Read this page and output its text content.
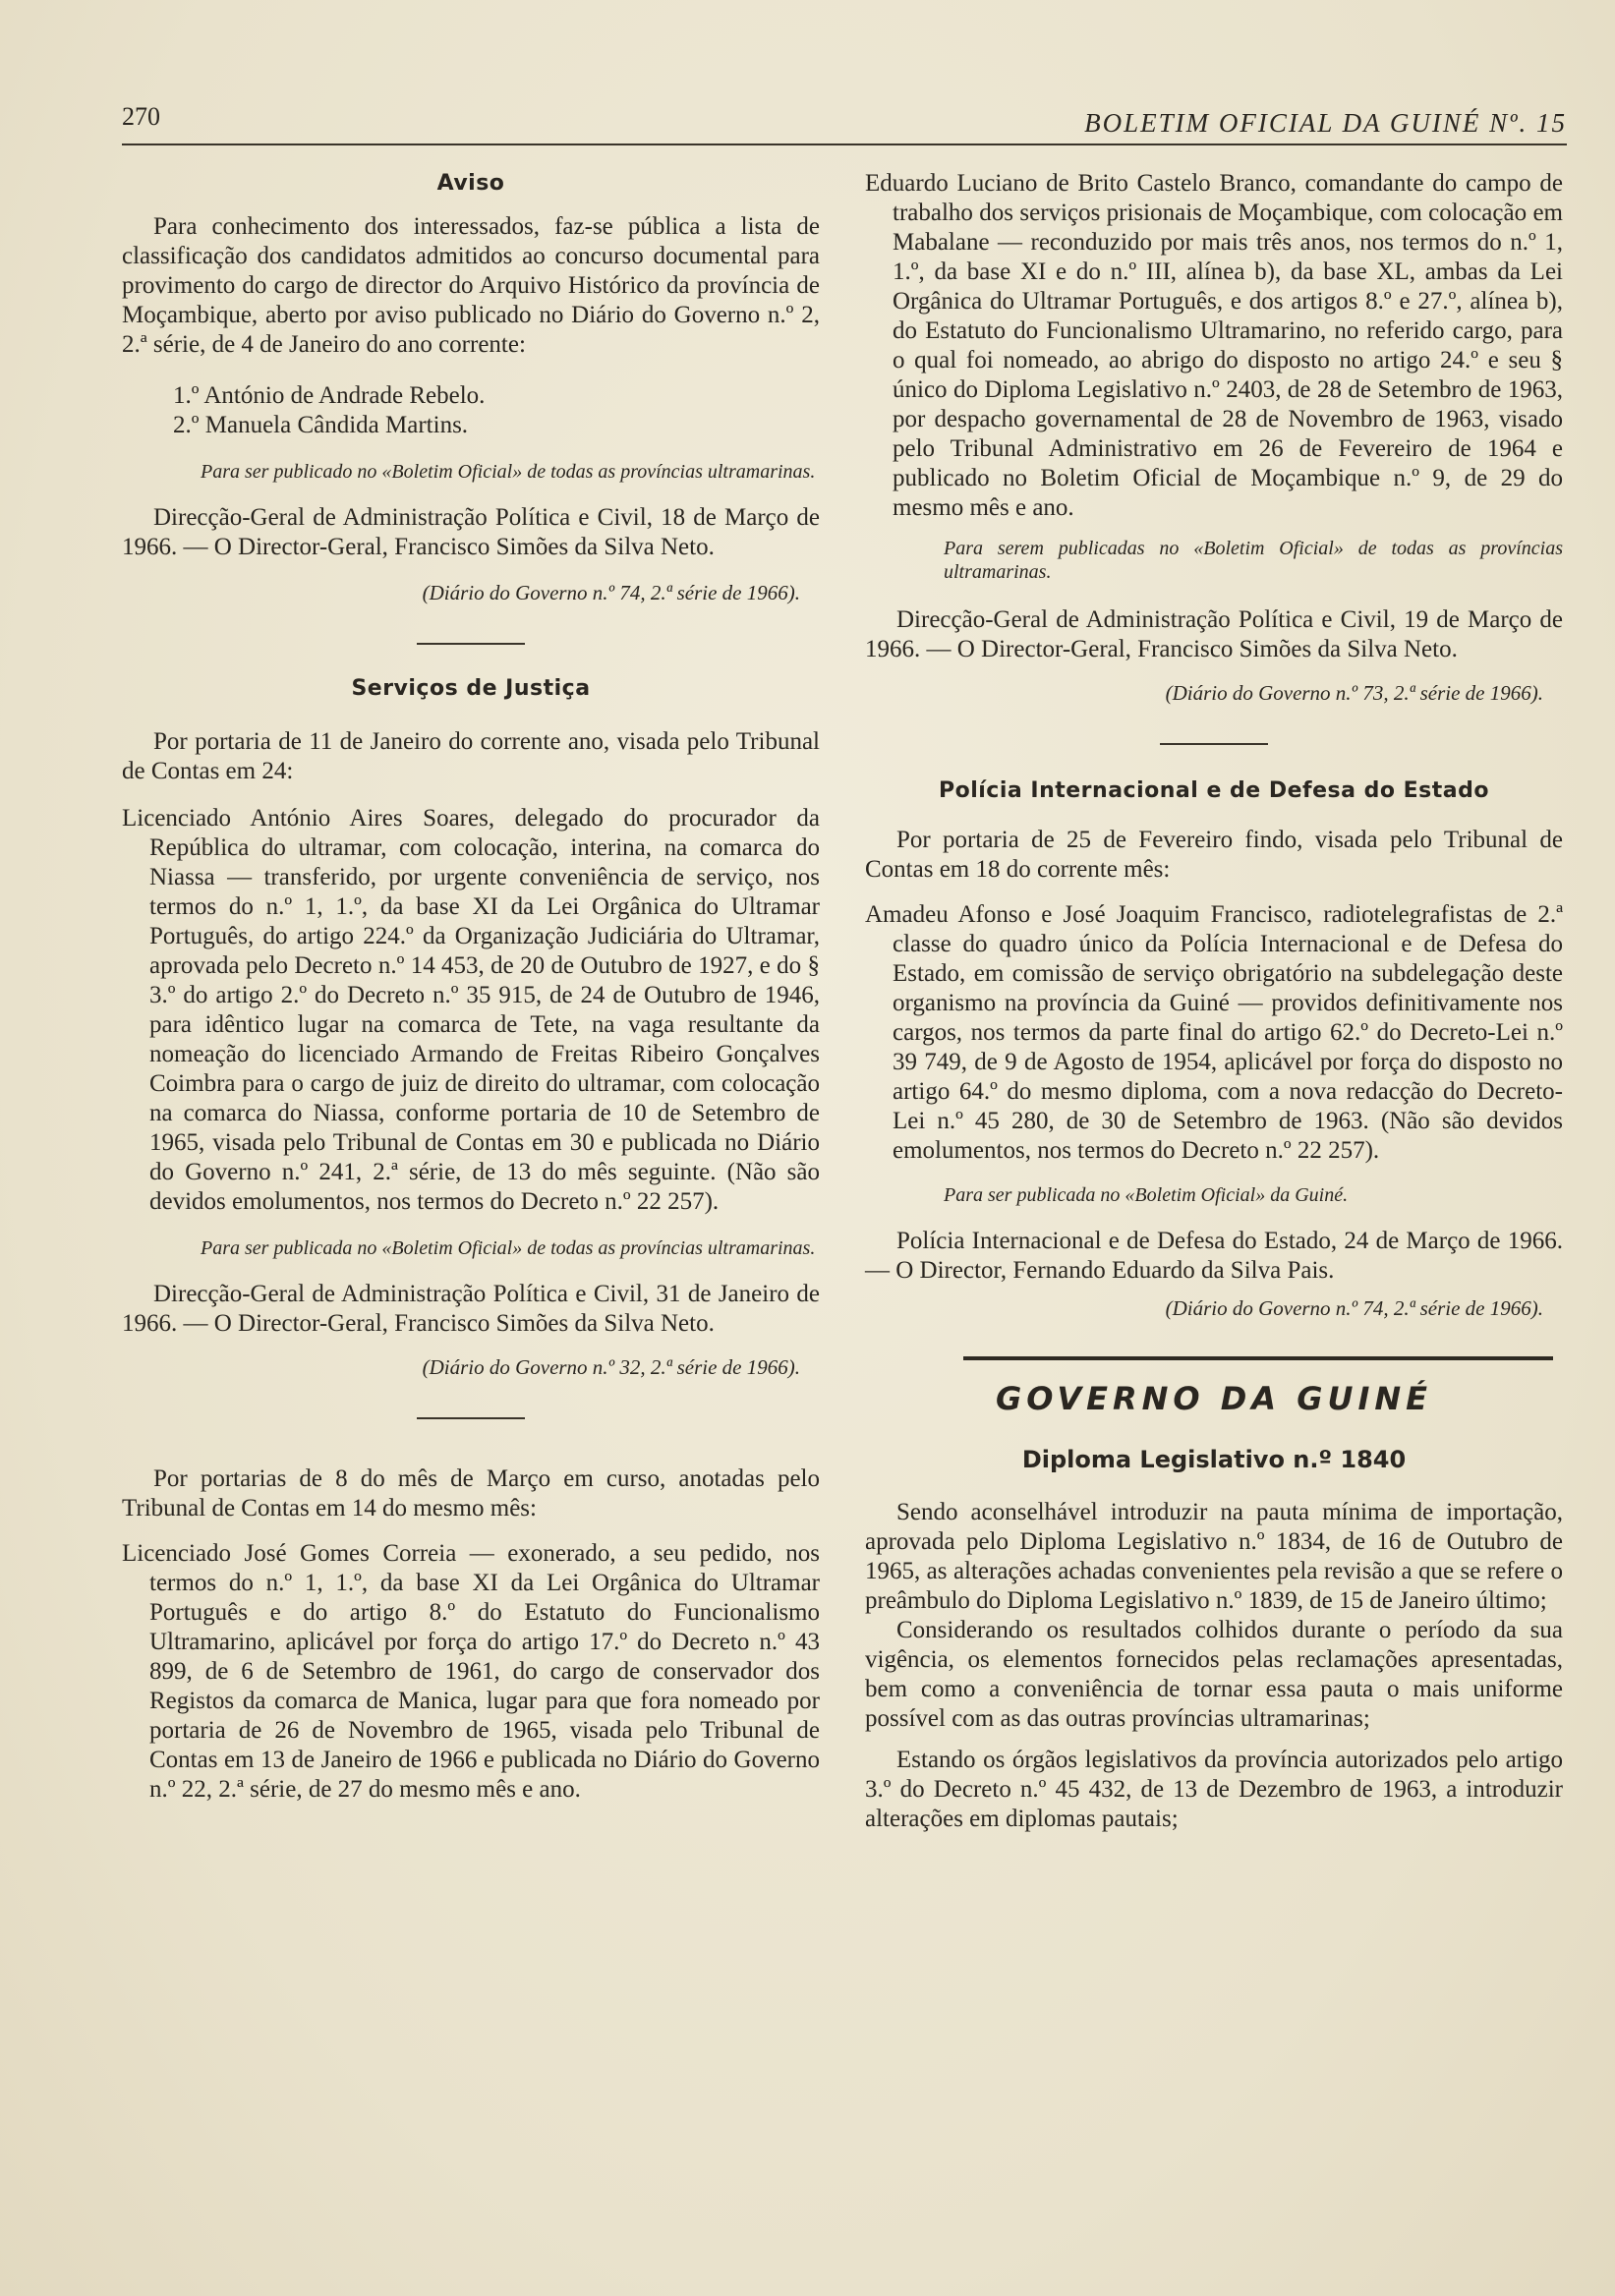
270	BOLETIM OFICIAL DA GUINÉ Nº. 15
Aviso

Para conhecimento dos interessados, faz-se pública a lista de classificação dos candidatos admitidos ao concurso documental para provimento do cargo de director do Arquivo Histórico da província de Moçambique, aberto por aviso publicado no Diário do Governo n.º 2, 2.ª série, de 4 de Janeiro do ano corrente:

1.º António de Andrade Rebelo.

2.º Manuela Cândida Martins.

Para ser publicado no «Boletim Oficial» de todas as províncias ultramarinas.

Direcção-Geral de Administração Política e Civil, 18 de Março de 1966. — O Director-Geral, Francisco Simões da Silva Neto.

(Diário do Governo n.º 74, 2.ª série de 1966).

Serviços de Justiça

Por portaria de 11 de Janeiro do corrente ano, visada pelo Tribunal de Contas em 24:

Licenciado António Aires Soares, delegado do procurador da República do ultramar, com colocação, interina, na comarca do Niassa — transferido, por urgente conveniência de serviço, nos termos do n.º 1, 1.º, da base XI da Lei Orgânica do Ultramar Português, do artigo 224.º da Organização Judiciária do Ultramar, aprovada pelo Decreto n.º 14 453, de 20 de Outubro de 1927, e do § 3.º do artigo 2.º do Decreto n.º 35 915, de 24 de Outubro de 1946, para idêntico lugar na comarca de Tete, na vaga resultante da nomeação do licenciado Armando de Freitas Ribeiro Gonçalves Coimbra para o cargo de juiz de direito do ultramar, com colocação na comarca do Niassa, conforme portaria de 10 de Setembro de 1965, visada pelo Tribunal de Contas em 30 e publicada no Diário do Governo n.º 241, 2.ª série, de 13 do mês seguinte. (Não são devidos emolumentos, nos termos do Decreto n.º 22 257).

Para ser publicada no «Boletim Oficial» de todas as províncias ultramarinas.

Direcção-Geral de Administração Política e Civil, 31 de Janeiro de 1966. — O Director-Geral, Francisco Simões da Silva Neto.

(Diário do Governo n.º 32, 2.ª série de 1966).

Por portarias de 8 do mês de Março em curso, anotadas pelo Tribunal de Contas em 14 do mesmo mês:

Licenciado José Gomes Correia — exonerado, a seu pedido, nos termos do n.º 1, 1.º, da base XI da Lei Orgânica do Ultramar Português e do artigo 8.º do Estatuto do Funcionalismo Ultramarino, aplicável por força do artigo 17.º do Decreto n.º 43 899, de 6 de Setembro de 1961, do cargo de conservador dos Registos da comarca de Manica, lugar para que fora nomeado por portaria de 26 de Novembro de 1965, visada pelo Tribunal de Contas em 13 de Janeiro de 1966 e publicada no Diário do Governo n.º 22, 2.ª série, de 27 do mesmo mês e ano.

Eduardo Luciano de Brito Castelo Branco, comandante do campo de trabalho dos serviços prisionais de Moçambique, com colocação em Mabalane — reconduzido por mais três anos, nos termos do n.º 1, 1.º, da base XI e do n.º III, alínea b), da base XL, ambas da Lei Orgânica do Ultramar Português, e dos artigos 8.º e 27.º, alínea b), do Estatuto do Funcionalismo Ultramarino, no referido cargo, para o qual foi nomeado, ao abrigo do disposto no artigo 24.º e seu § único do Diploma Legislativo n.º 2403, de 28 de Setembro de 1963, por despacho governamental de 28 de Novembro de 1963, visado pelo Tribunal Administrativo em 26 de Fevereiro de 1964 e publicado no Boletim Oficial de Moçambique n.º 9, de 29 do mesmo mês e ano.

Para serem publicadas no «Boletim Oficial» de todas as províncias ultramarinas.

Direcção-Geral de Administração Política e Civil, 19 de Março de 1966. — O Director-Geral, Francisco Simões da Silva Neto.

(Diário do Governo n.º 73, 2.ª série de 1966).

Polícia Internacional e de Defesa do Estado

Por portaria de 25 de Fevereiro findo, visada pelo Tribunal de Contas em 18 do corrente mês:

Amadeu Afonso e José Joaquim Francisco, radiotelegrafistas de 2.ª classe do quadro único da Polícia Internacional e de Defesa do Estado, em comissão de serviço obrigatório na subdelegação deste organismo na província da Guiné — providos definitivamente nos cargos, nos termos da parte final do artigo 62.º do Decreto-Lei n.º 39 749, de 9 de Agosto de 1954, aplicável por força do disposto no artigo 64.º do mesmo diploma, com a nova redacção do Decreto-Lei n.º 45 280, de 30 de Setembro de 1963. (Não são devidos emolumentos, nos termos do Decreto n.º 22 257).

Para ser publicada no «Boletim Oficial» da Guiné.

Polícia Internacional e de Defesa do Estado, 24 de Março de 1966. — O Director, Fernando Eduardo da Silva Pais.

(Diário do Governo n.º 74, 2.ª série de 1966).

GOVERNO DA GUINÉ
Diploma Legislativo n.º 1840

Sendo aconselhável introduzir na pauta mínima de importação, aprovada pelo Diploma Legislativo n.º 1834, de 16 de Outubro de 1965, as alterações achadas convenientes pela revisão a que se refere o preâmbulo do Diploma Legislativo n.º 1839, de 15 de Janeiro último;

Considerando os resultados colhidos durante o período da sua vigência, os elementos fornecidos pelas reclamações apresentadas, bem como a conveniência de tornar essa pauta o mais uniforme possível com as das outras províncias ultramarinas;

Estando os órgãos legislativos da província autorizados pelo artigo 3.º do Decreto n.º 45 432, de 13 de Dezembro de 1963, a introduzir alterações em diplomas pautais;
